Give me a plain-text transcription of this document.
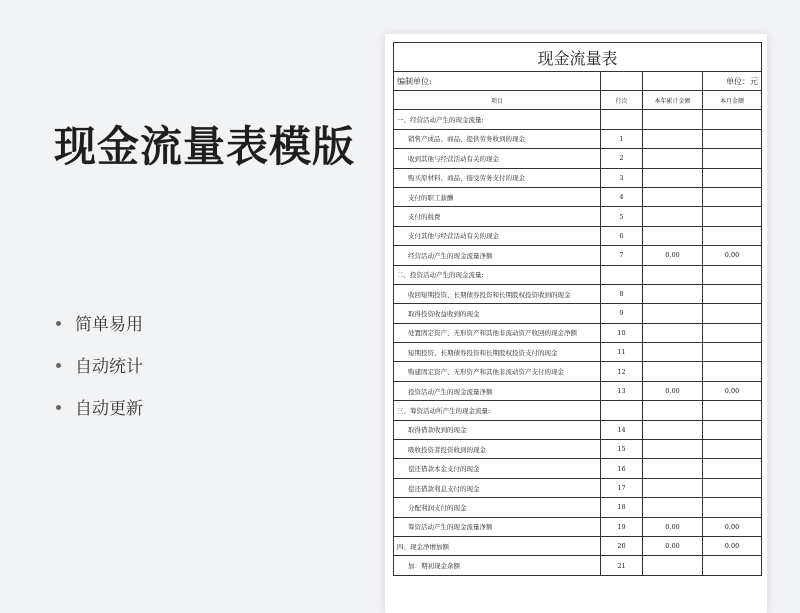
现金流量表模版
简单易用
自动统计
自动更新
现金流量表			
编制单位:			单位：元
项目	行次	本年累计金额	本月金额
一、经营活动产生的现金流量:			
销售产成品、商品、提供劳务收到的现金	1		
收到其他与经营活动有关的现金	2		
购买原材料、商品、接受劳务支付的现金	3		
支付的职工薪酬	4		
支付的税费	5		
支付其他与经营活动有关的现金	6		
经营活动产生的现金流量净额	7	0.00	0.00
二、投资活动产生的现金流量:			
收回短期投资、长期债券投资和长期股权投资收到的现金	8		
取得投资收益收到的现金	9		
处置固定资产、无形资产和其他非流动资产收回的现金净额	10		
短期投资、长期债券投资和长期股权投资支付的现金	11		
购建固定资产、无形资产和其他非流动资产支付的现金	12		
投资活动产生的现金流量净额	13	0.00	0.00
三、筹资活动所产生的现金流量:			
取得借款收到的现金	14		
吸收投资者投资收到的现金	15		
偿还借款本金支付的现金	16		
偿还借款利息支付的现金	17		
分配利润支付的现金	18		
筹资活动产生的现金流量净额	19	0.00	0.00
四、现金净增加额	20	0.00	0.00
加：期初现金余额	21		
